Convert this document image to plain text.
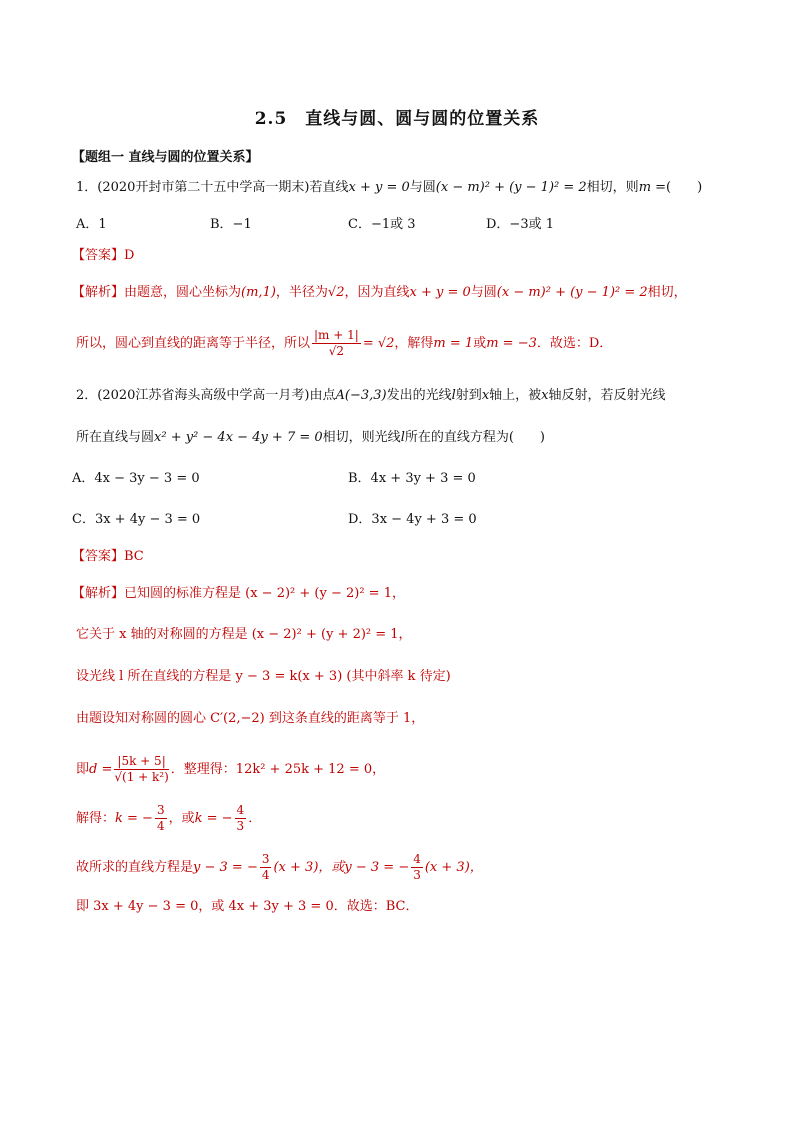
2.5　直线与圆、圆与圆的位置关系
【题组一 直线与圆的位置关系】
1．(2020开封市第二十五中学高一期末)若直线x + y = 0与圆(x − m)² + (y − 1)² = 2相切，则m =(　　)
A．1	B．−1	C．−1或 3	D．−3或 1
【答案】D
【解析】由题意，圆心坐标为(m,1)，半径为√2，因为直线x + y = 0与圆(x − m)² + (y − 1)² = 2相切，
所以，圆心到直线的距离等于半径，所以 $\frac{|m + 1|}{√2} = √2$，解得m = 1或m = −3．故选：D．
2．(2020江苏省海头高级中学高一月考)由点A(−3,3)发出的光线l射到x轴上，被x轴反射，若反射光线
所在直线与圆x² + y² − 4x − 4y + 7 = 0相切，则光线l所在的直线方程为(　　)
A．4x − 3y − 3 = 0	B．4x + 3y + 3 = 0
C．3x + 4y − 3 = 0	D．3x − 4y + 3 = 0
【答案】BC
【解析】已知圆的标准方程是 (x − 2)² + (y − 2)² = 1，
它关于 x 轴的对称圆的方程是 (x − 2)² + (y + 2)² = 1，
设光线 l 所在直线的方程是 y − 3 = k(x + 3) (其中斜率 k 待定)
由题设知对称圆的圆心 C′(2,−2) 到这条直线的距离等于 1，
即$d = \frac{|5k + 5|}{\text{√(1 + k²)}}$ ．整理得：12k² + 25k + 12 = 0，
解得：k = − $\frac{3}{4}$ ，或k = − $\frac{4}{3}$ ．
故所求的直线方程是y − 3 = − $\frac{3}{4} (x + 3)$，或y − 3 = − $\frac{4}{3} (x + 3)$，
即 3x + 4y − 3 = 0，或 4x + 3y + 3 = 0．故选：BC．
